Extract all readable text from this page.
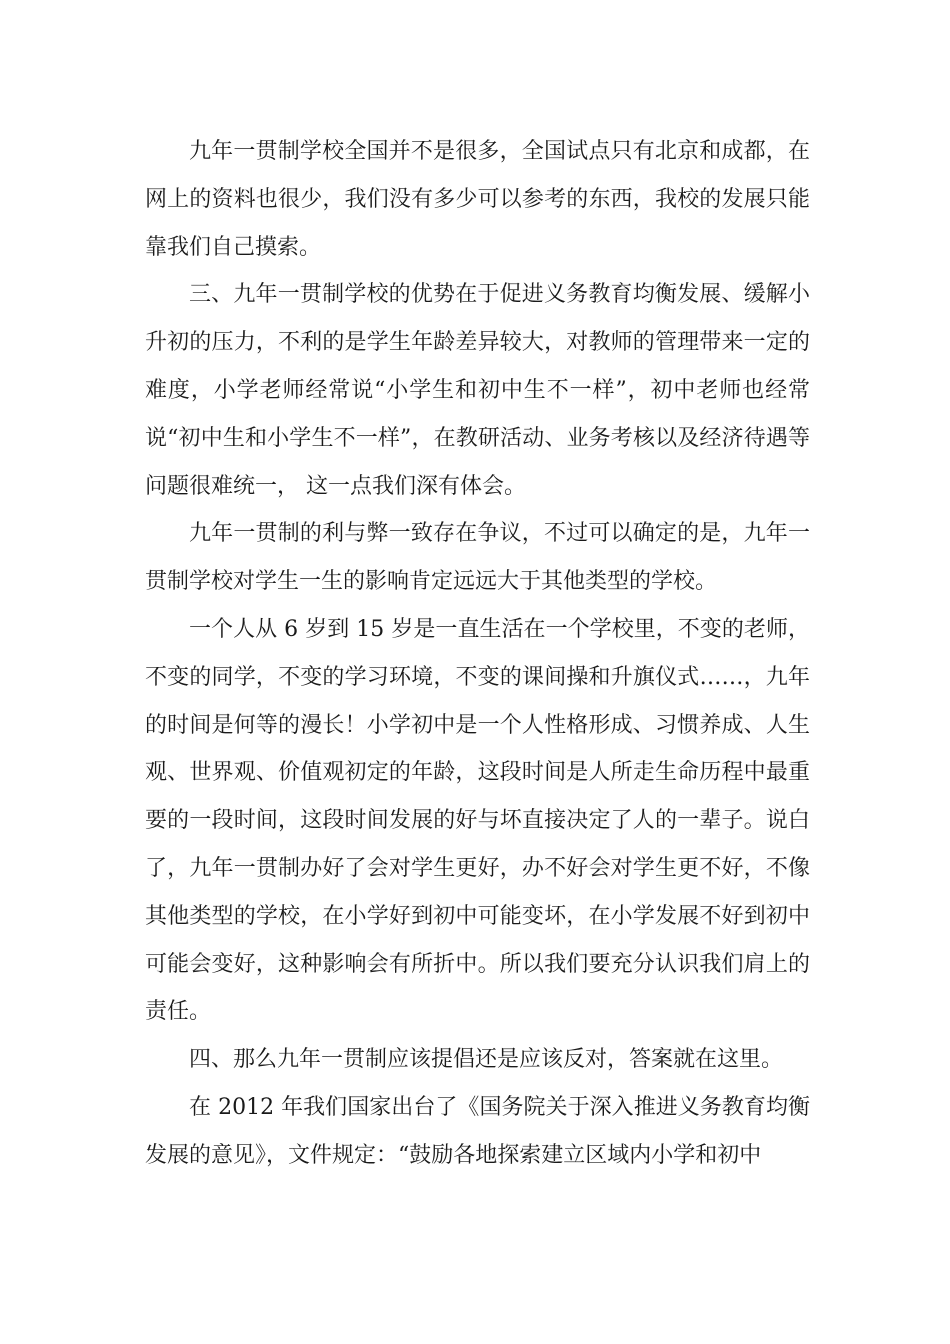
九年一贯制学校全国并不是很多，全国试点只有北京和成都，在网上的资料也很少，我们没有多少可以参考的东西，我校的发展只能靠我们自己摸索。

三、九年一贯制学校的优势在于促进义务教育均衡发展、缓解小升初的压力，不利的是学生年龄差异较大，对教师的管理带来一定的难度，小学老师经常说“小学生和初中生不一样”，初中老师也经常说“初中生和小学生不一样”，在教研活动、业务考核以及经济待遇等问题很难统一， 这一点我们深有体会。

九年一贯制的利与弊一致存在争议，不过可以确定的是，九年一贯制学校对学生一生的影响肯定远远大于其他类型的学校。

一个人从 6 岁到 15 岁是一直生活在一个学校里，不变的老师，不变的同学，不变的学习环境，不变的课间操和升旗仪式……，九年的时间是何等的漫长！小学初中是一个人性格形成、习惯养成、人生观、世界观、价值观初定的年龄，这段时间是人所走生命历程中最重要的一段时间，这段时间发展的好与坏直接决定了人的一辈子。说白了，九年一贯制办好了会对学生更好，办不好会对学生更不好，不像其他类型的学校，在小学好到初中可能变坏，在小学发展不好到初中可能会变好，这种影响会有所折中。所以我们要充分认识我们肩上的责任。

四、那么九年一贯制应该提倡还是应该反对，答案就在这里。

在 2012 年我们国家出台了《国务院关于深入推进义务教育均衡发展的意见》，文件规定：“鼓励各地探索建立区域内小学和初中
